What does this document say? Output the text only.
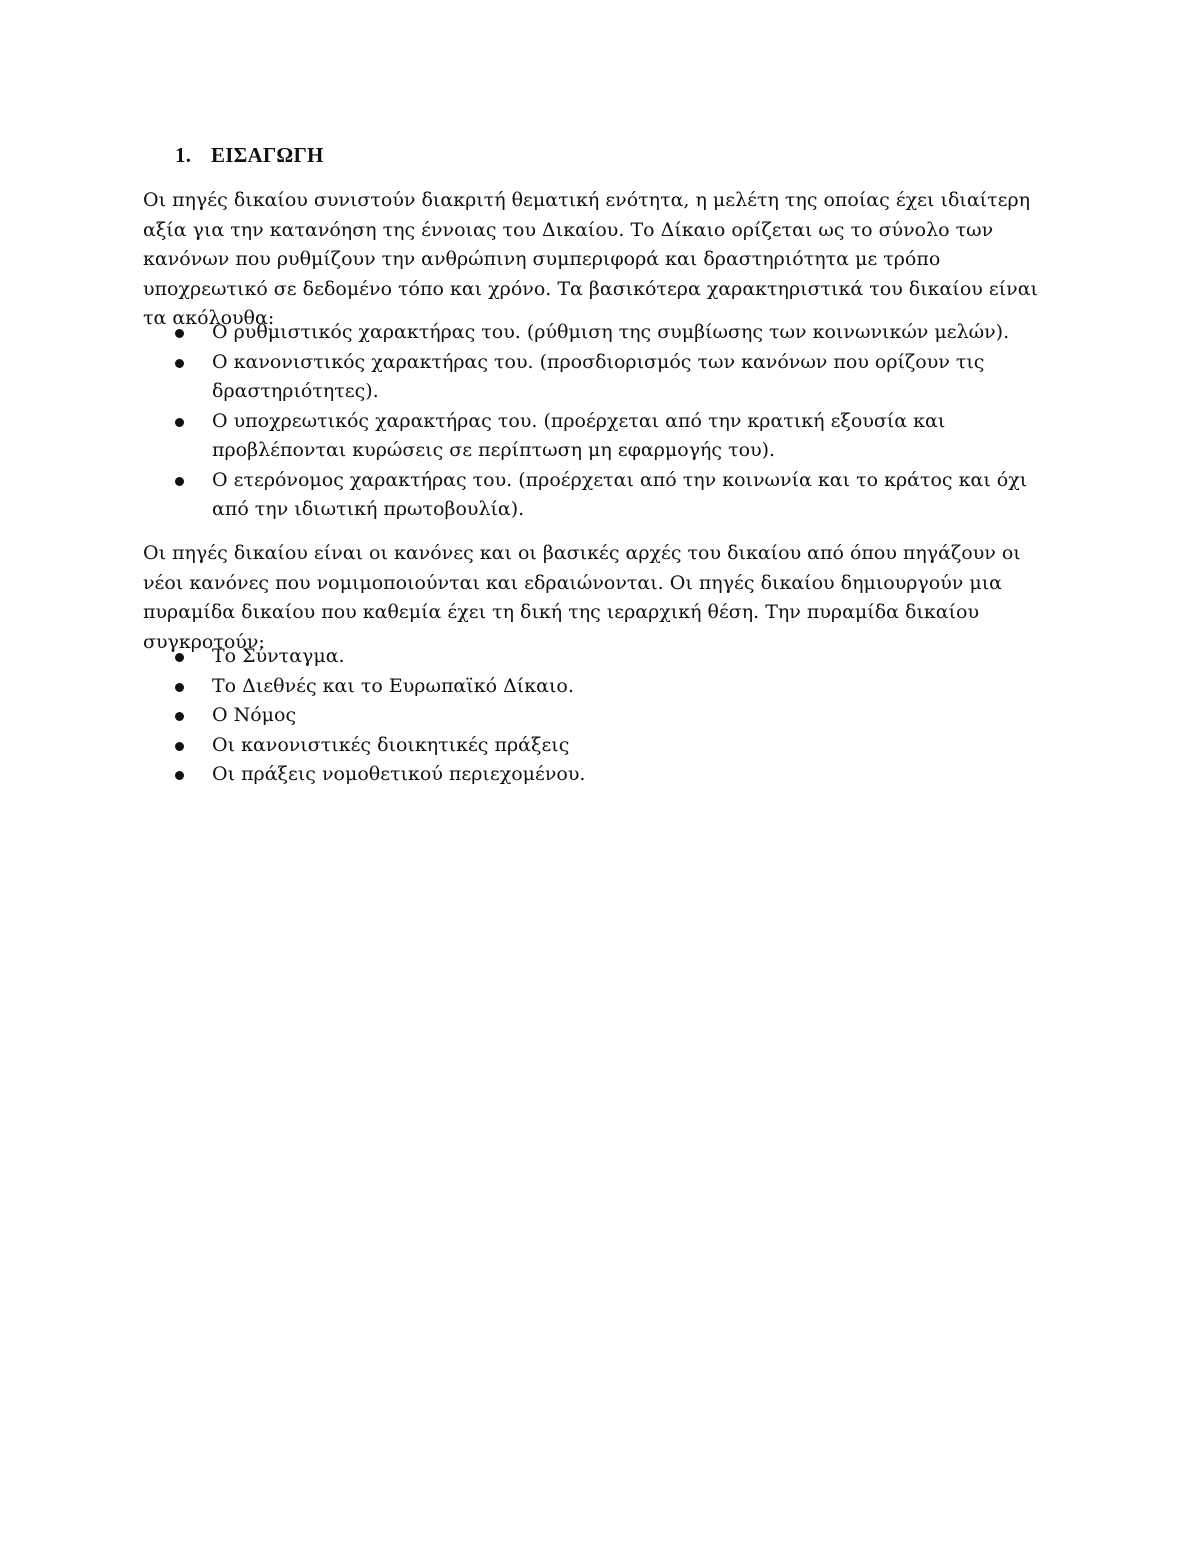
1. ΕΙΣΑΓΩΓΗ

Οι πηγές δικαίου συνιστούν διακριτή θεματική ενότητα, η μελέτη της οποίας έχει ιδιαίτερη αξία για την κατανόηση της έννοιας του Δικαίου. Το Δίκαιο ορίζεται ως το σύνολο των κανόνων που ρυθμίζουν την ανθρώπινη συμπεριφορά και δραστηριότητα με τρόπο υποχρεωτικό σε δεδομένο τόπο και χρόνο. Τα βασικότερα χαρακτηριστικά του δικαίου είναι τα ακόλουθα:

Ο ρυθμιστικός χαρακτήρας του. (ρύθμιση της συμβίωσης των κοινωνικών μελών).
Ο κανονιστικός χαρακτήρας του. (προσδιορισμός των κανόνων που ορίζουν τις δραστηριότητες).
Ο υποχρεωτικός χαρακτήρας του. (προέρχεται από την κρατική εξουσία και προβλέπονται κυρώσεις σε περίπτωση μη εφαρμογής του).
Ο ετερόνομος χαρακτήρας του. (προέρχεται από την κοινωνία και το κράτος και όχι από την ιδιωτική πρωτοβουλία).

Οι πηγές δικαίου είναι οι κανόνες και οι βασικές αρχές του δικαίου από όπου πηγάζουν οι νέοι κανόνες που νομιμοποιούνται και εδραιώνονται. Οι πηγές δικαίου δημιουργούν μια πυραμίδα δικαίου που καθεμία έχει τη δική της ιεραρχική θέση. Την πυραμίδα δικαίου συγκροτούν:

Το Σύνταγμα.
Το Διεθνές και το Ευρωπαϊκό Δίκαιο.
Ο Νόμος
Οι κανονιστικές διοικητικές πράξεις
Οι πράξεις νομοθετικού περιεχομένου.
